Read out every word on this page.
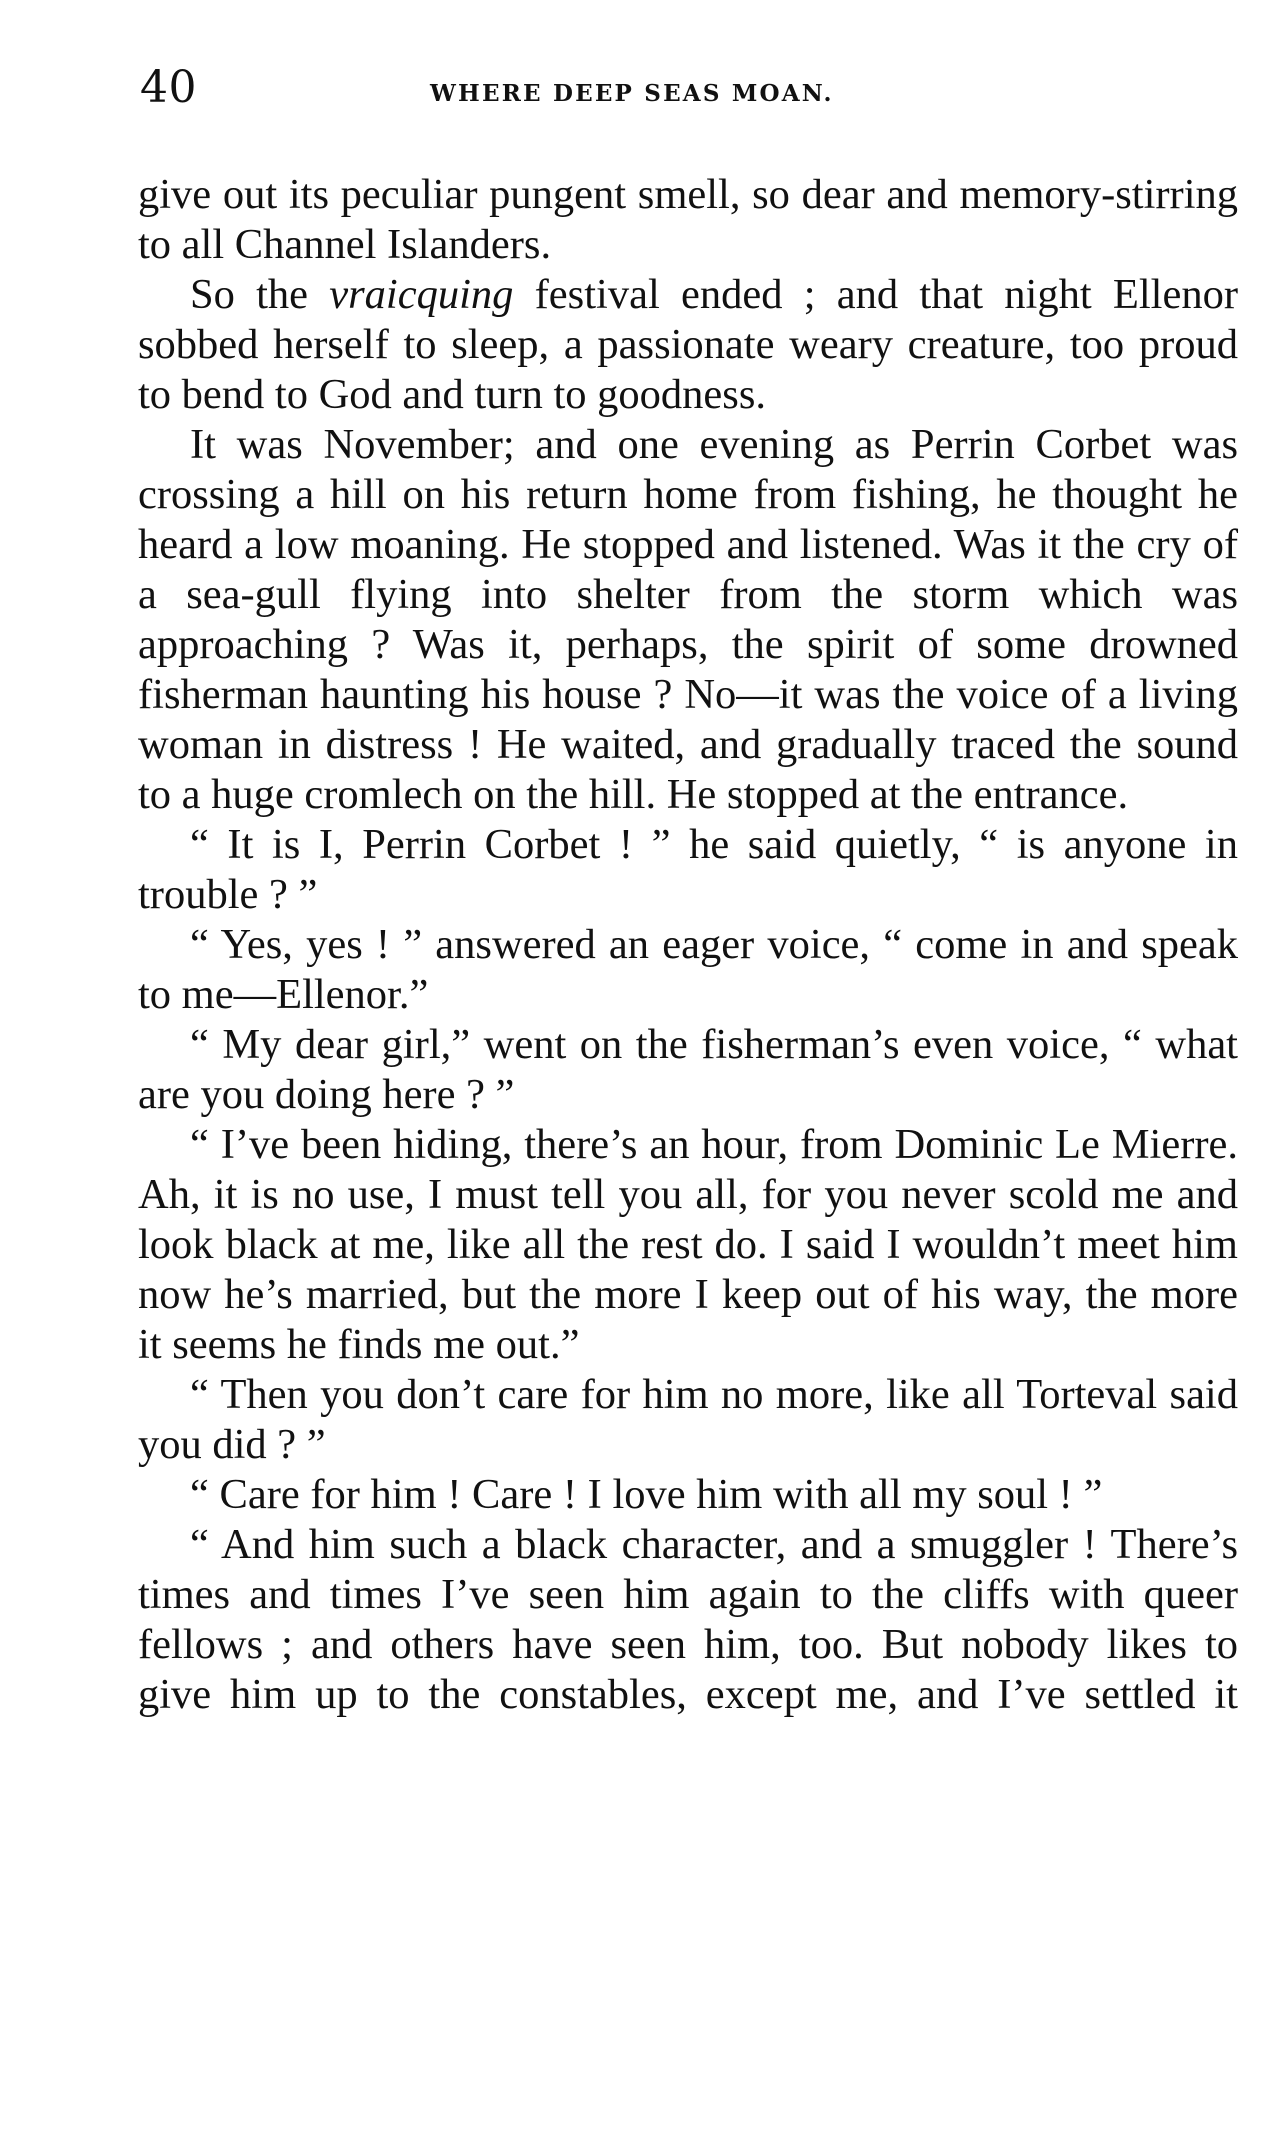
40	WHERE DEEP SEAS MOAN.

give out its peculiar pungent smell, so dear and memory-stirring to all Channel Islanders.

So the vraicquing festival ended ; and that night Ellenor sobbed herself to sleep, a passionate weary creature, too proud to bend to God and turn to goodness.

It was November; and one evening as Perrin Corbet was crossing a hill on his return home from fishing, he thought he heard a low moaning. He stopped and listened. Was it the cry of a sea-gull flying into shelter from the storm which was approaching ? Was it, perhaps, the spirit of some drowned fisherman haunting his house ? No—it was the voice of a living woman in distress ! He waited, and gradually traced the sound to a huge cromlech on the hill. He stopped at the entrance.

“ It is I, Perrin Corbet ! ” he said quietly, “ is anyone in trouble ? ”

“ Yes, yes ! ” answered an eager voice, “ come in and speak to me—Ellenor.”

“ My dear girl,” went on the fisherman’s even voice, “ what are you doing here ? ”

“ I’ve been hiding, there’s an hour, from Dominic Le Mierre. Ah, it is no use, I must tell you all, for you never scold me and look black at me, like all the rest do. I said I wouldn’t meet him now he’s married, but the more I keep out of his way, the more it seems he finds me out.”

“ Then you don’t care for him no more, like all Torteval said you did ? ”

“ Care for him ! Care ! I love him with all my soul ! ”

“ And him such a black character, and a smuggler ! There’s times and times I’ve seen him again to the cliffs with queer fellows ; and others have seen him, too. But nobody likes to give him up to the constables, except me, and I’ve settled it
